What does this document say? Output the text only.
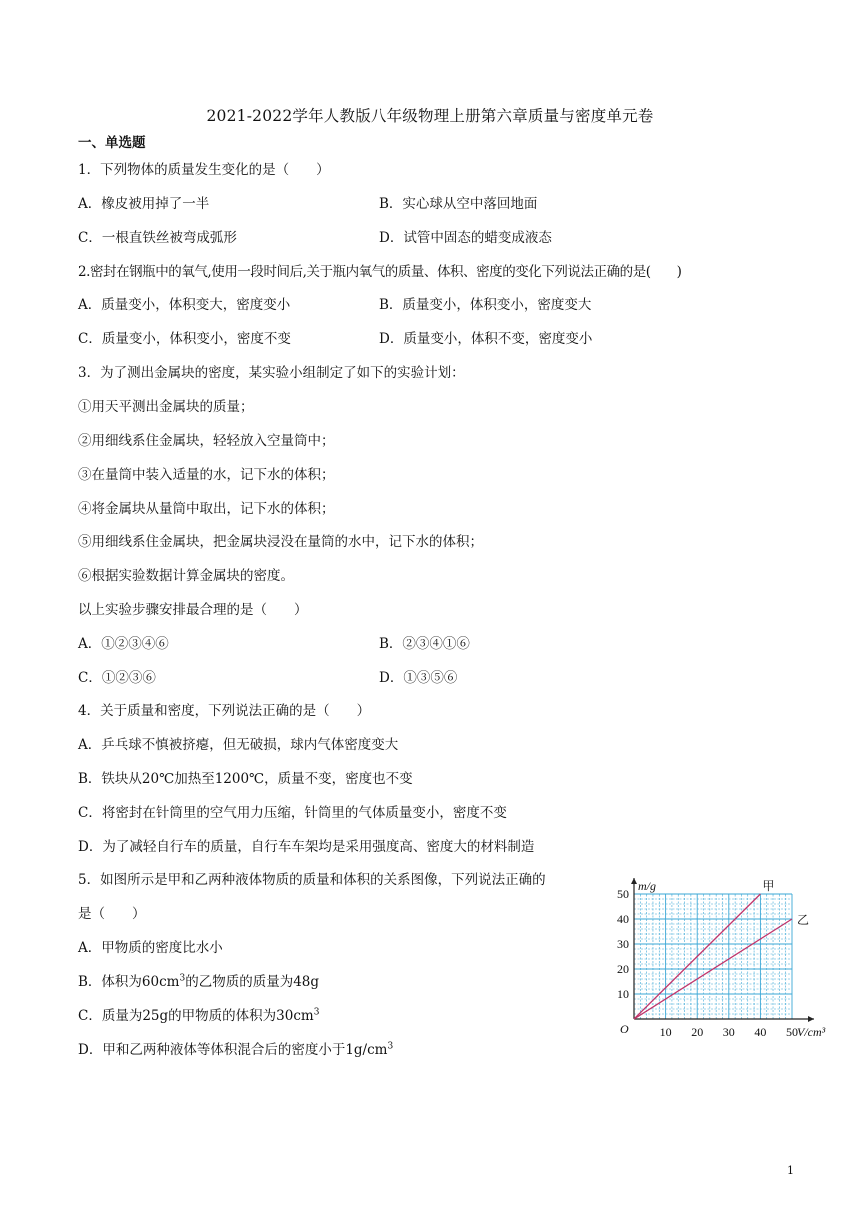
2021-2022学年人教版八年级物理上册第六章质量与密度单元卷
一、单选题
1．下列物体的质量发生变化的是（　　）
A．橡皮被用掉了一半	B．实心球从空中落回地面
C．一根直铁丝被弯成弧形	D．试管中固态的蜡变成液态
2.密封在钢瓶中的氧气,使用一段时间后,关于瓶内氧气的质量、体积、密度的变化下列说法正确的是(　　)
A．质量变小，体积变大，密度变小	B．质量变小，体积变小，密度变大
C．质量变小，体积变小，密度不变	D．质量变小，体积不变，密度变小
3．为了测出金属块的密度，某实验小组制定了如下的实验计划：
①用天平测出金属块的质量；
②用细线系住金属块，轻轻放入空量筒中；
③在量筒中装入适量的水，记下水的体积；
④将金属块从量筒中取出，记下水的体积；
⑤用细线系住金属块，把金属块浸没在量筒的水中，记下水的体积；
⑥根据实验数据计算金属块的密度。
以上实验步骤安排最合理的是（　　）
A．①②③④⑥	B．②③④①⑥
C．①②③⑥	D．①③⑤⑥
4．关于质量和密度，下列说法正确的是（　　）
A．乒乓球不慎被挤瘪，但无破损，球内气体密度变大
B．铁块从20℃加热至1200℃，质量不变，密度也不变
C．将密封在针筒里的空气用力压缩，针筒里的气体质量变小，密度不变
D．为了减轻自行车的质量，自行车车架均是采用强度高、密度大的材料制造
5．如图所示是甲和乙两种液体物质的质量和体积的关系图像，下列说法正确的
是（　　）
A．甲物质的密度比水小
B．体积为$60cm^3$的乙物质的质量为48g
C．质量为25g的甲物质的体积为$30cm^3$
D．甲和乙两种液体等体积混合后的密度小于$1g/cm^3$
10 20 30 40 50
10
20
30
40
50
O
m/g
V/cm³
甲
乙
1
